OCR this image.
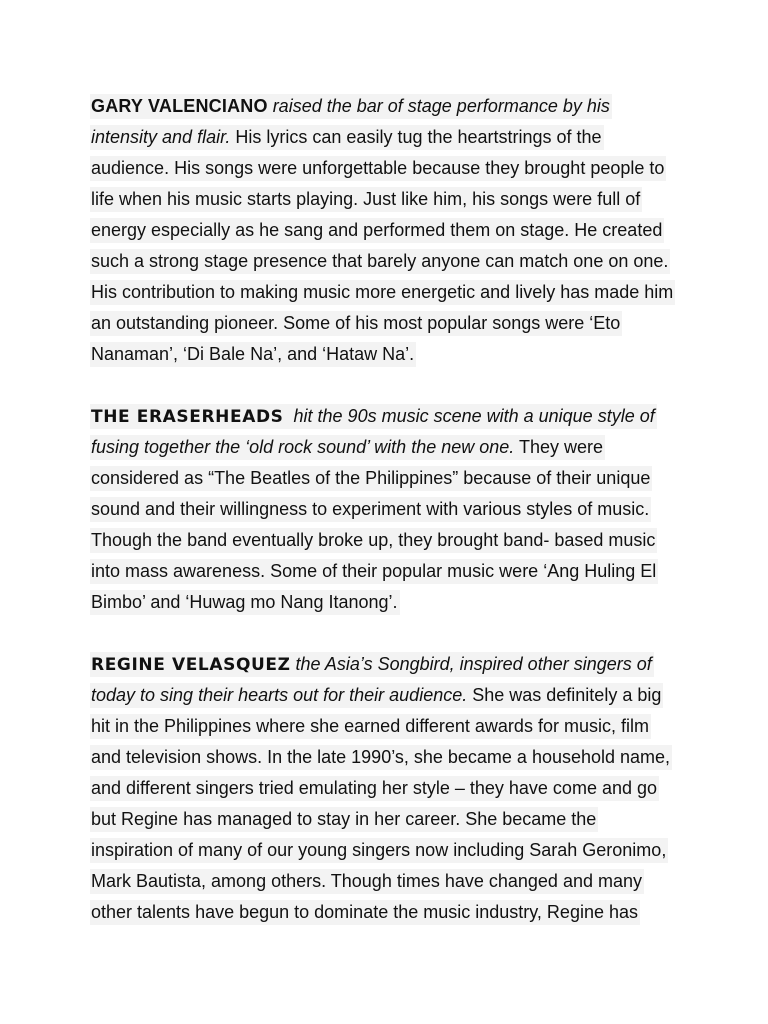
GARY VALENCIANO raised the bar of stage performance by his
intensity and flair. His lyrics can easily tug the heartstrings of the
audience. His songs were unforgettable because they brought people to
life when his music starts playing. Just like him, his songs were full of
energy especially as he sang and performed them on stage. He created
such a strong stage presence that barely anyone can match one on one.
His contribution to making music more energetic and lively has made him
an outstanding pioneer. Some of his most popular songs were ‘Eto
Nanaman’, ‘Di Bale Na’, and ‘Hataw Na’.

THE ERASERHEADS  hit the 90s music scene with a unique style of
fusing together the ‘old rock sound’ with the new one. They were
considered as “The Beatles of the Philippines” because of their unique
sound and their willingness to experiment with various styles of music.
Though the band eventually broke up, they brought band- based music
into mass awareness. Some of their popular music were ‘Ang Huling El
Bimbo’ and ‘Huwag mo Nang Itanong’.

REGINE VELASQUEZ the Asia’s Songbird, inspired other singers of
today to sing their hearts out for their audience. She was definitely a big
hit in the Philippines where she earned different awards for music, film
and television shows. In the late 1990’s, she became a household name,
and different singers tried emulating her style – they have come and go
but Regine has managed to stay in her career. She became the
inspiration of many of our young singers now including Sarah Geronimo,
Mark Bautista, among others. Though times have changed and many
other talents have begun to dominate the music industry, Regine has
